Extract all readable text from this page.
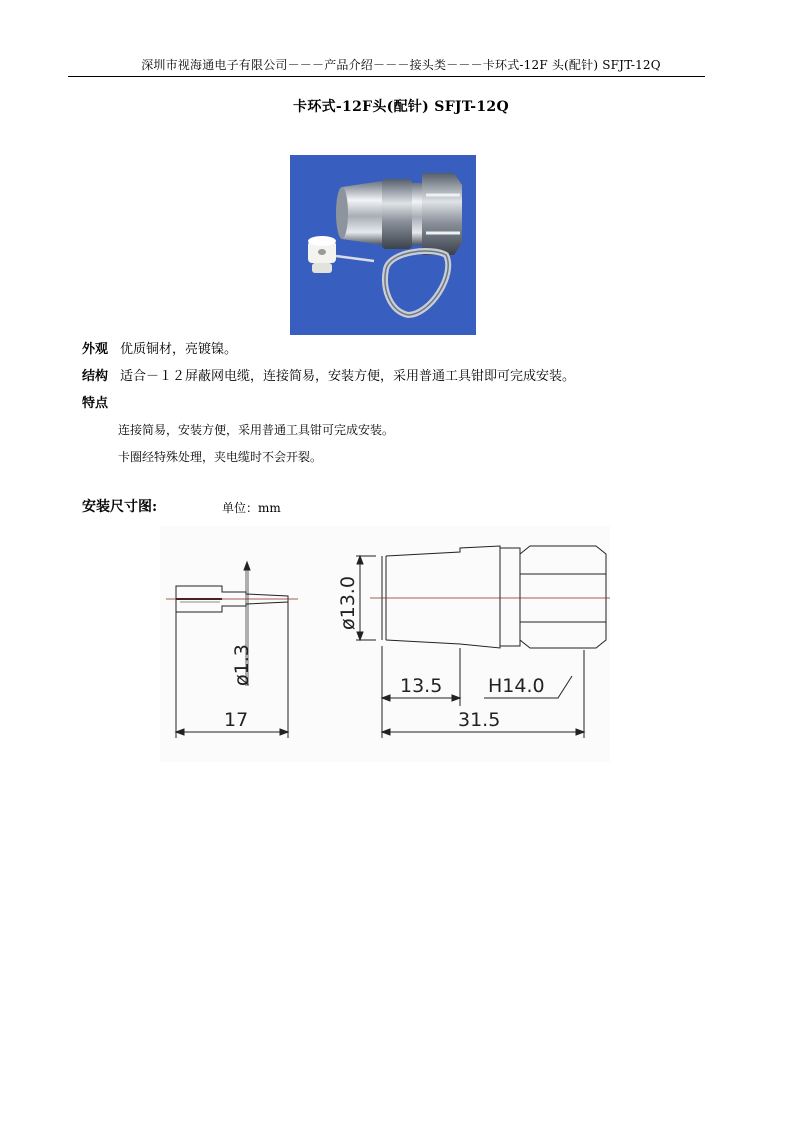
深圳市视海通电子有限公司－－－产品介绍－－－接头类－－－卡环式-12F 头(配针) SFJT-12Q
卡环式-12F头(配针) SFJT-12Q
外观 优质铜材，亮镀镍。
结构 适合－１２屏蔽网电缆，连接简易，安装方便，采用普通工具钳即可完成安装。
特点
连接简易，安装方便，采用普通工具钳可完成安装。
卡圈经特殊处理，夹电缆时不会开裂。
安装尺寸图:	单位：mm
ø1.3
17
ø13.0
13.5 H14.0
31.5
